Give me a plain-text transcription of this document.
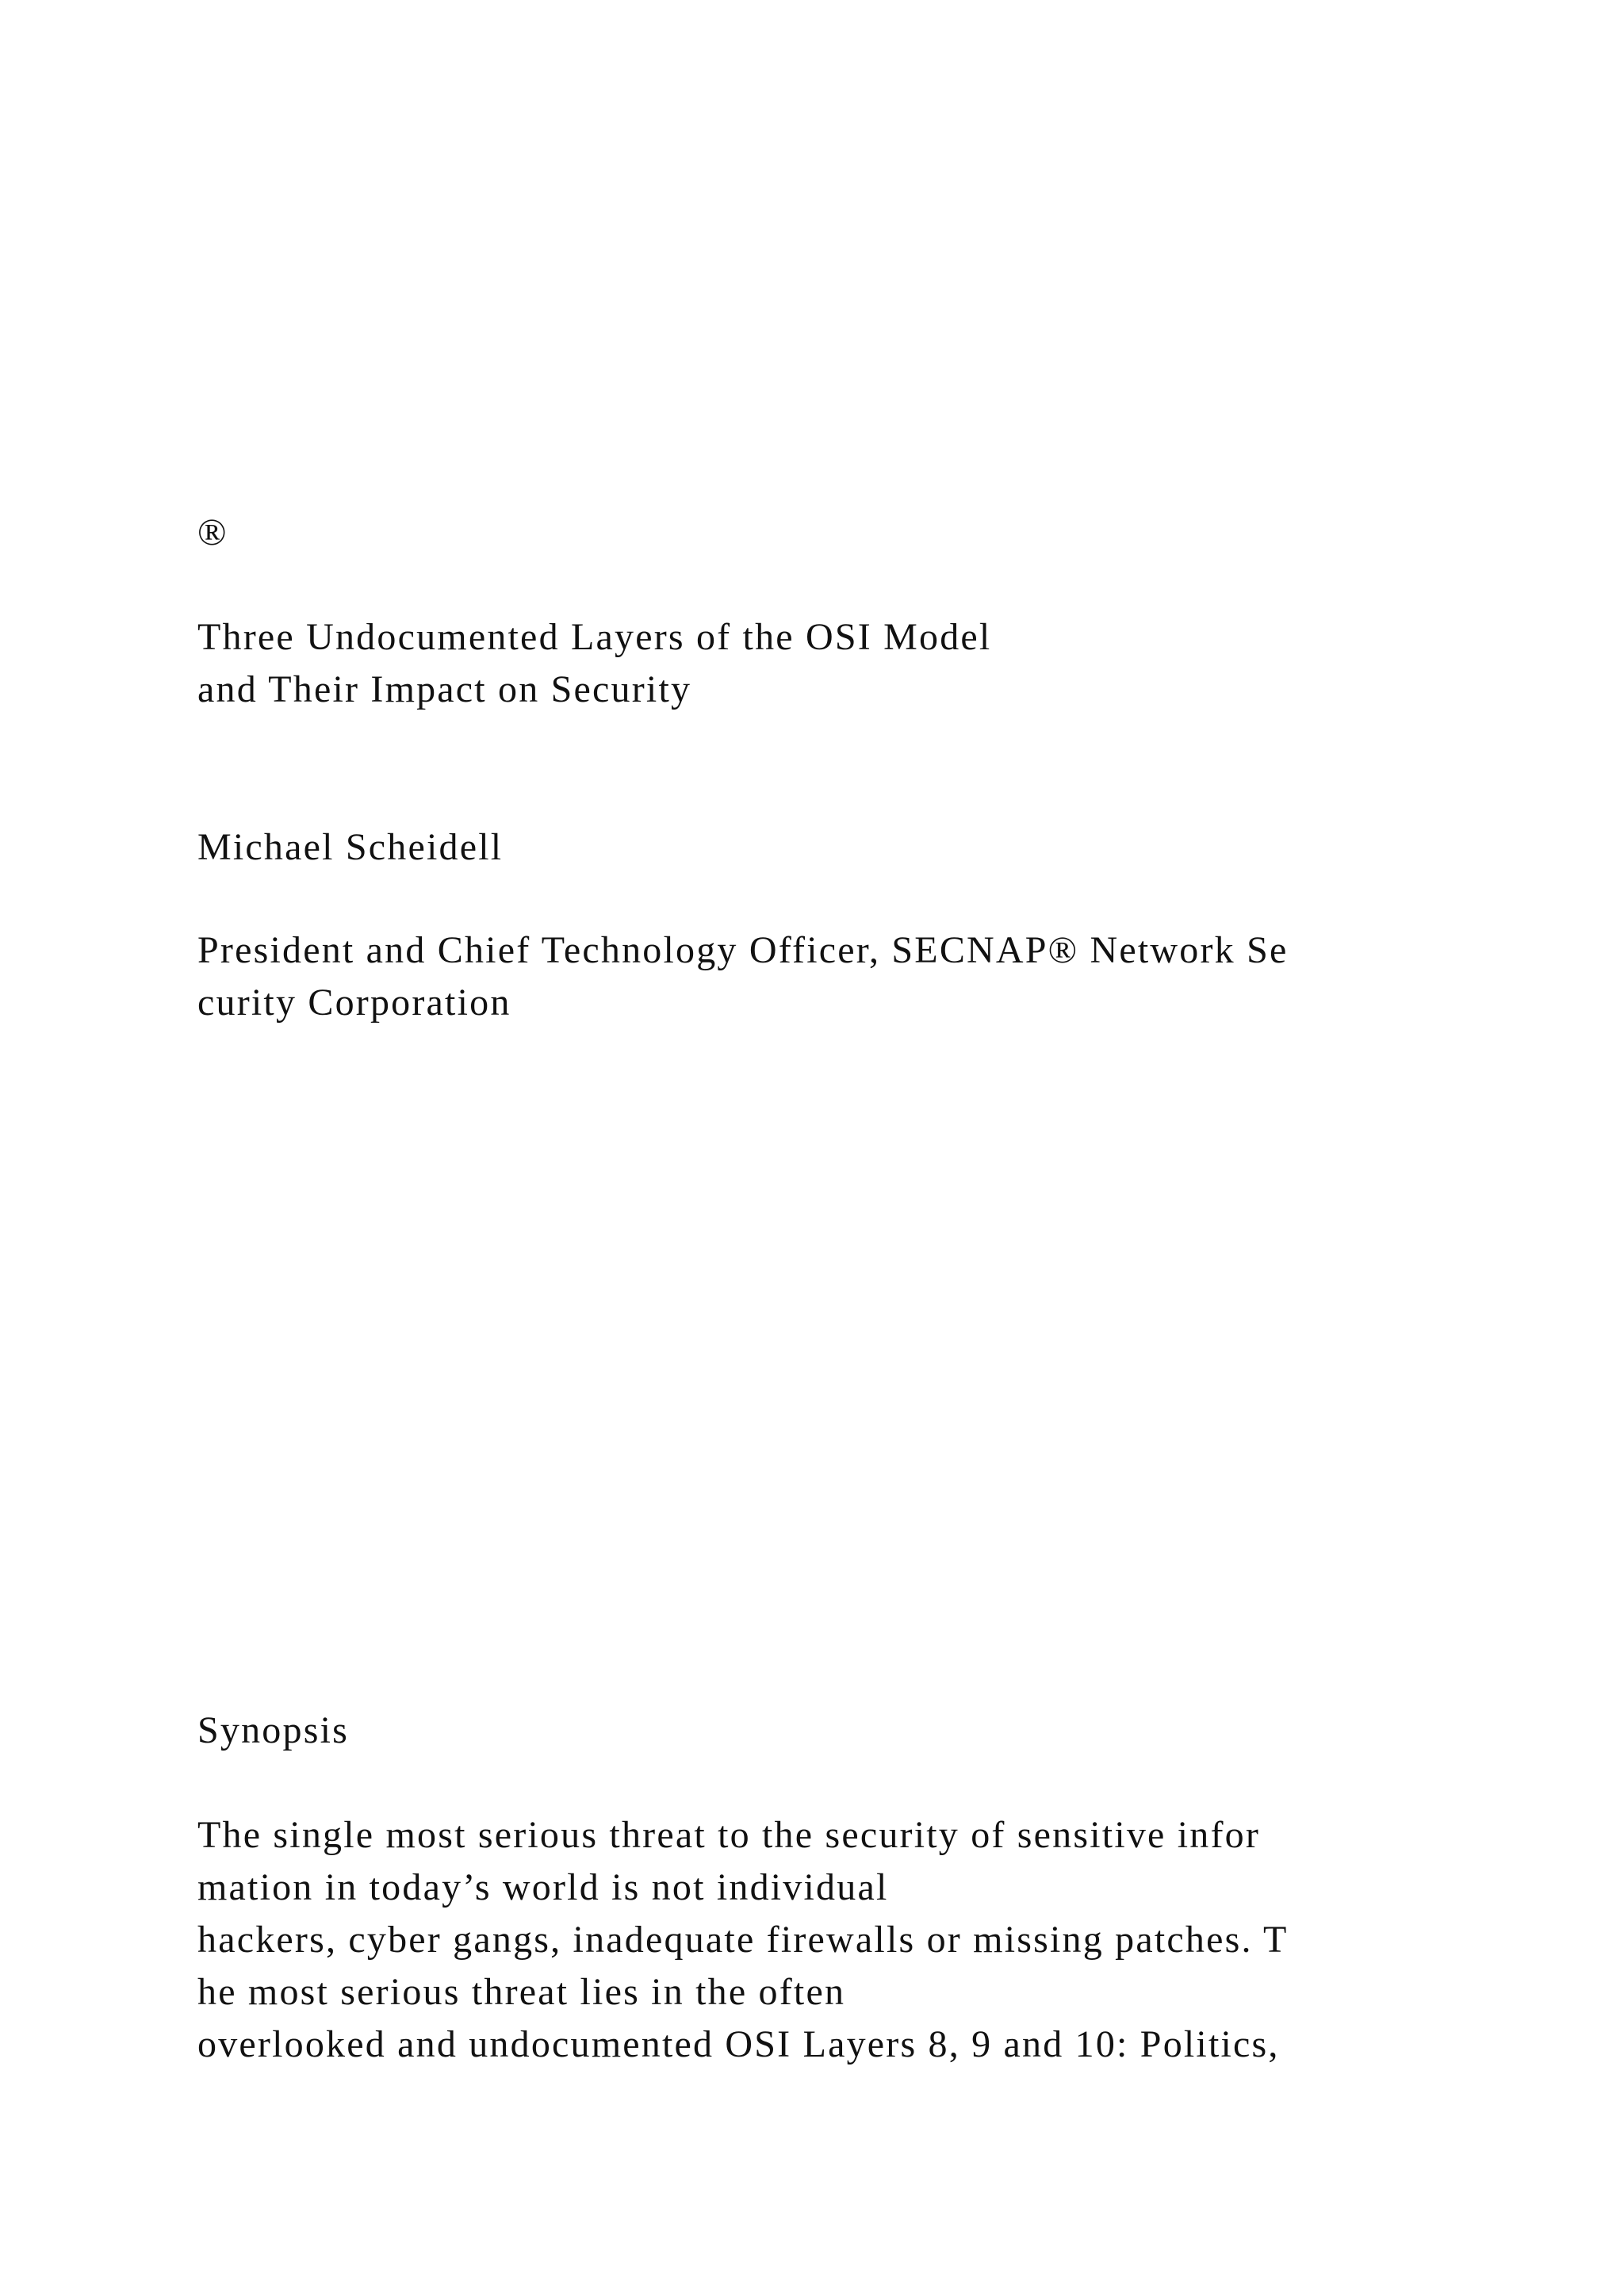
®

Three Undocumented Layers of the OSI Model

and Their Impact on Security

Michael Scheidell

President and Chief Technology Officer, SECNAP® Network Se

curity Corporation

Synopsis

The single most serious threat to the security of sensitive infor

mation in today’s world is not individual

hackers, cyber gangs, inadequate firewalls or missing patches. T

he most serious threat lies in the often

overlooked and undocumented OSI Layers 8, 9 and 10: Politics,
